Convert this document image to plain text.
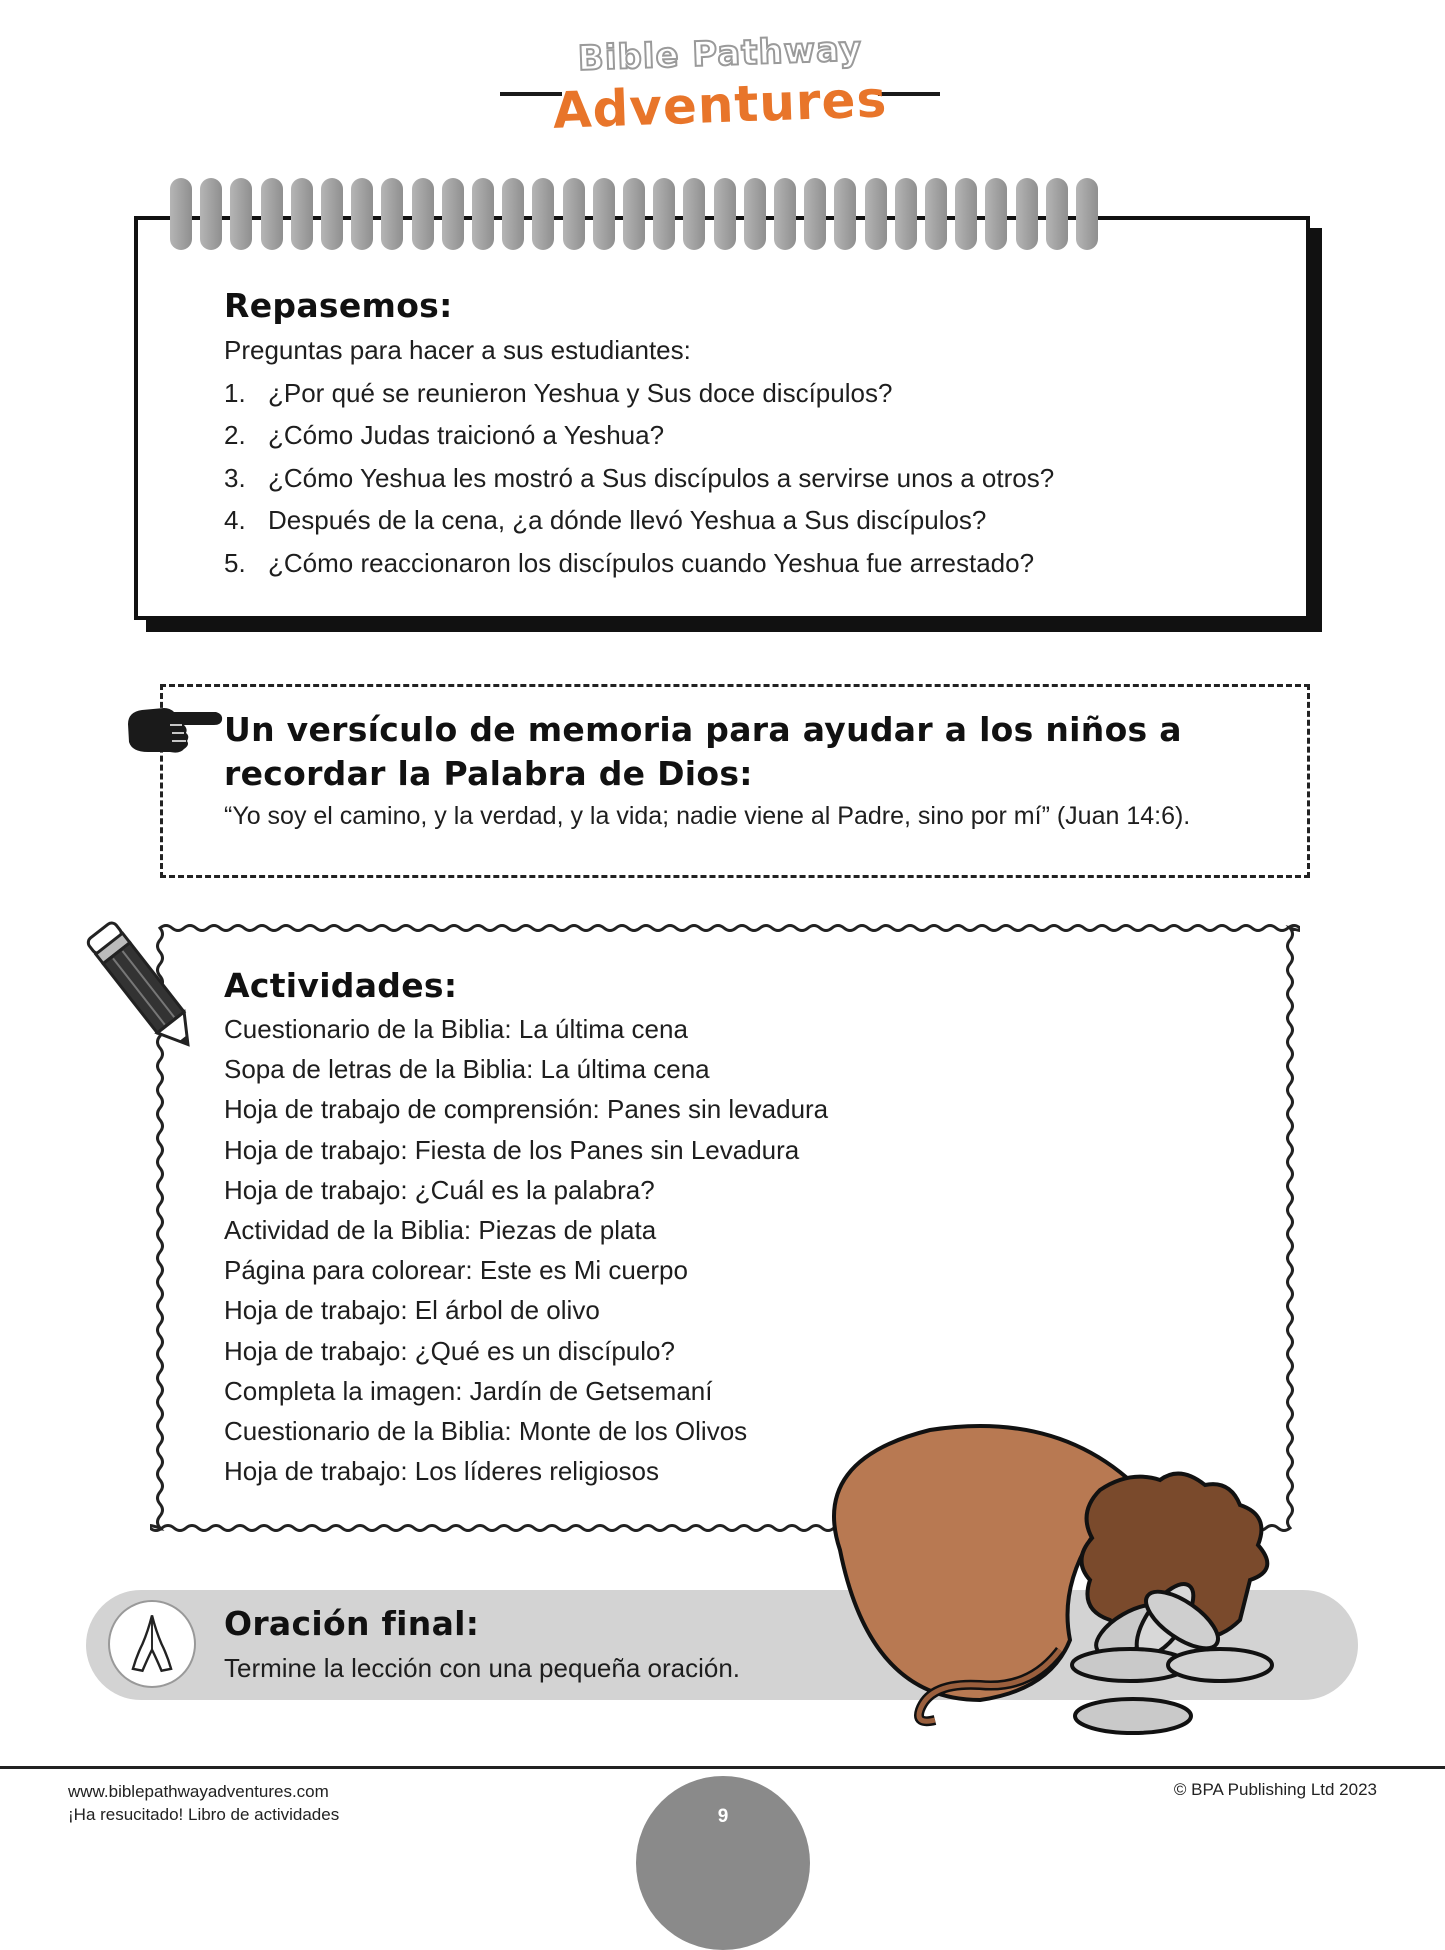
Bible Pathway
Adventures
Repasemos:
Preguntas para hacer a sus estudiantes:
1. ¿Por qué se reunieron Yeshua y Sus doce discípulos?
2. ¿Cómo Judas traicionó a Yeshua?
3. ¿Cómo Yeshua les mostró a Sus discípulos a servirse unos a otros?
4. Después de la cena, ¿a dónde llevó Yeshua a Sus discípulos?
5. ¿Cómo reaccionaron los discípulos cuando Yeshua fue arrestado?
Un versículo de memoria para ayudar a los niños a
recordar la Palabra de Dios:

“Yo soy el camino, y la verdad, y la vida; nadie viene al Padre, sino por mí” (Juan 14:6).

Actividades:
Cuestionario de la Biblia: La última cena
Sopa de letras de la Biblia: La última cena
Hoja de trabajo de comprensión: Panes sin levadura
Hoja de trabajo: Fiesta de los Panes sin Levadura
Hoja de trabajo: ¿Cuál es la palabra?
Actividad de la Biblia: Piezas de plata
Página para colorear: Este es Mi cuerpo
Hoja de trabajo: El árbol de olivo
Hoja de trabajo: ¿Qué es un discípulo?
Completa la imagen: Jardín de Getsemaní
Cuestionario de la Biblia: Monte de los Olivos
Hoja de trabajo: Los líderes religiosos
Oración final:

Termine la lección con una pequeña oración.

www.biblepathwayadventures.com
¡Ha resucitado! Libro de actividades
© BPA Publishing Ltd 2023
9
